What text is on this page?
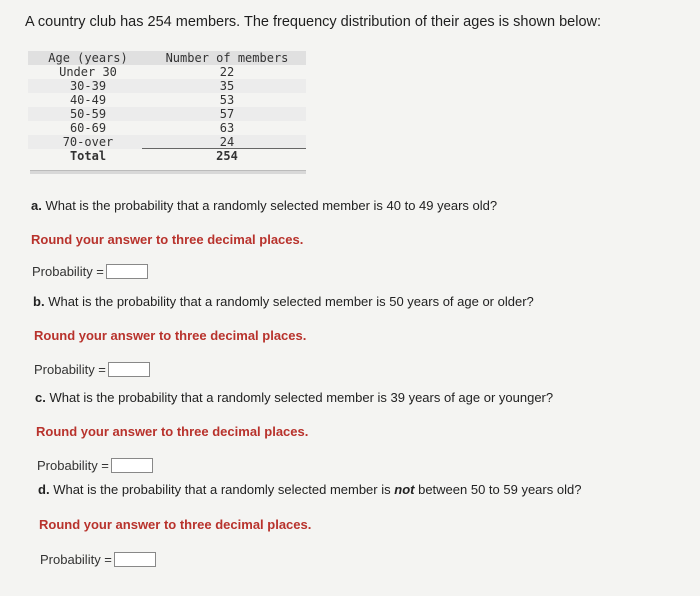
A country club has 254 members. The frequency distribution of their ages is shown below:
Age (years)	Number of members
Under 30	22
30-39	35
40-49	53
50-59	57
60-69	63
70-over	24
Total	254
a. What is the probability that a randomly selected member is 40 to 49 years old?
Round your answer to three decimal places.
Probability =
b. What is the probability that a randomly selected member is 50 years of age or older?
Round your answer to three decimal places.
Probability =
c. What is the probability that a randomly selected member is 39 years of age or younger?
Round your answer to three decimal places.
Probability =
d. What is the probability that a randomly selected member is not between 50 to 59 years old?
Round your answer to three decimal places.
Probability =
